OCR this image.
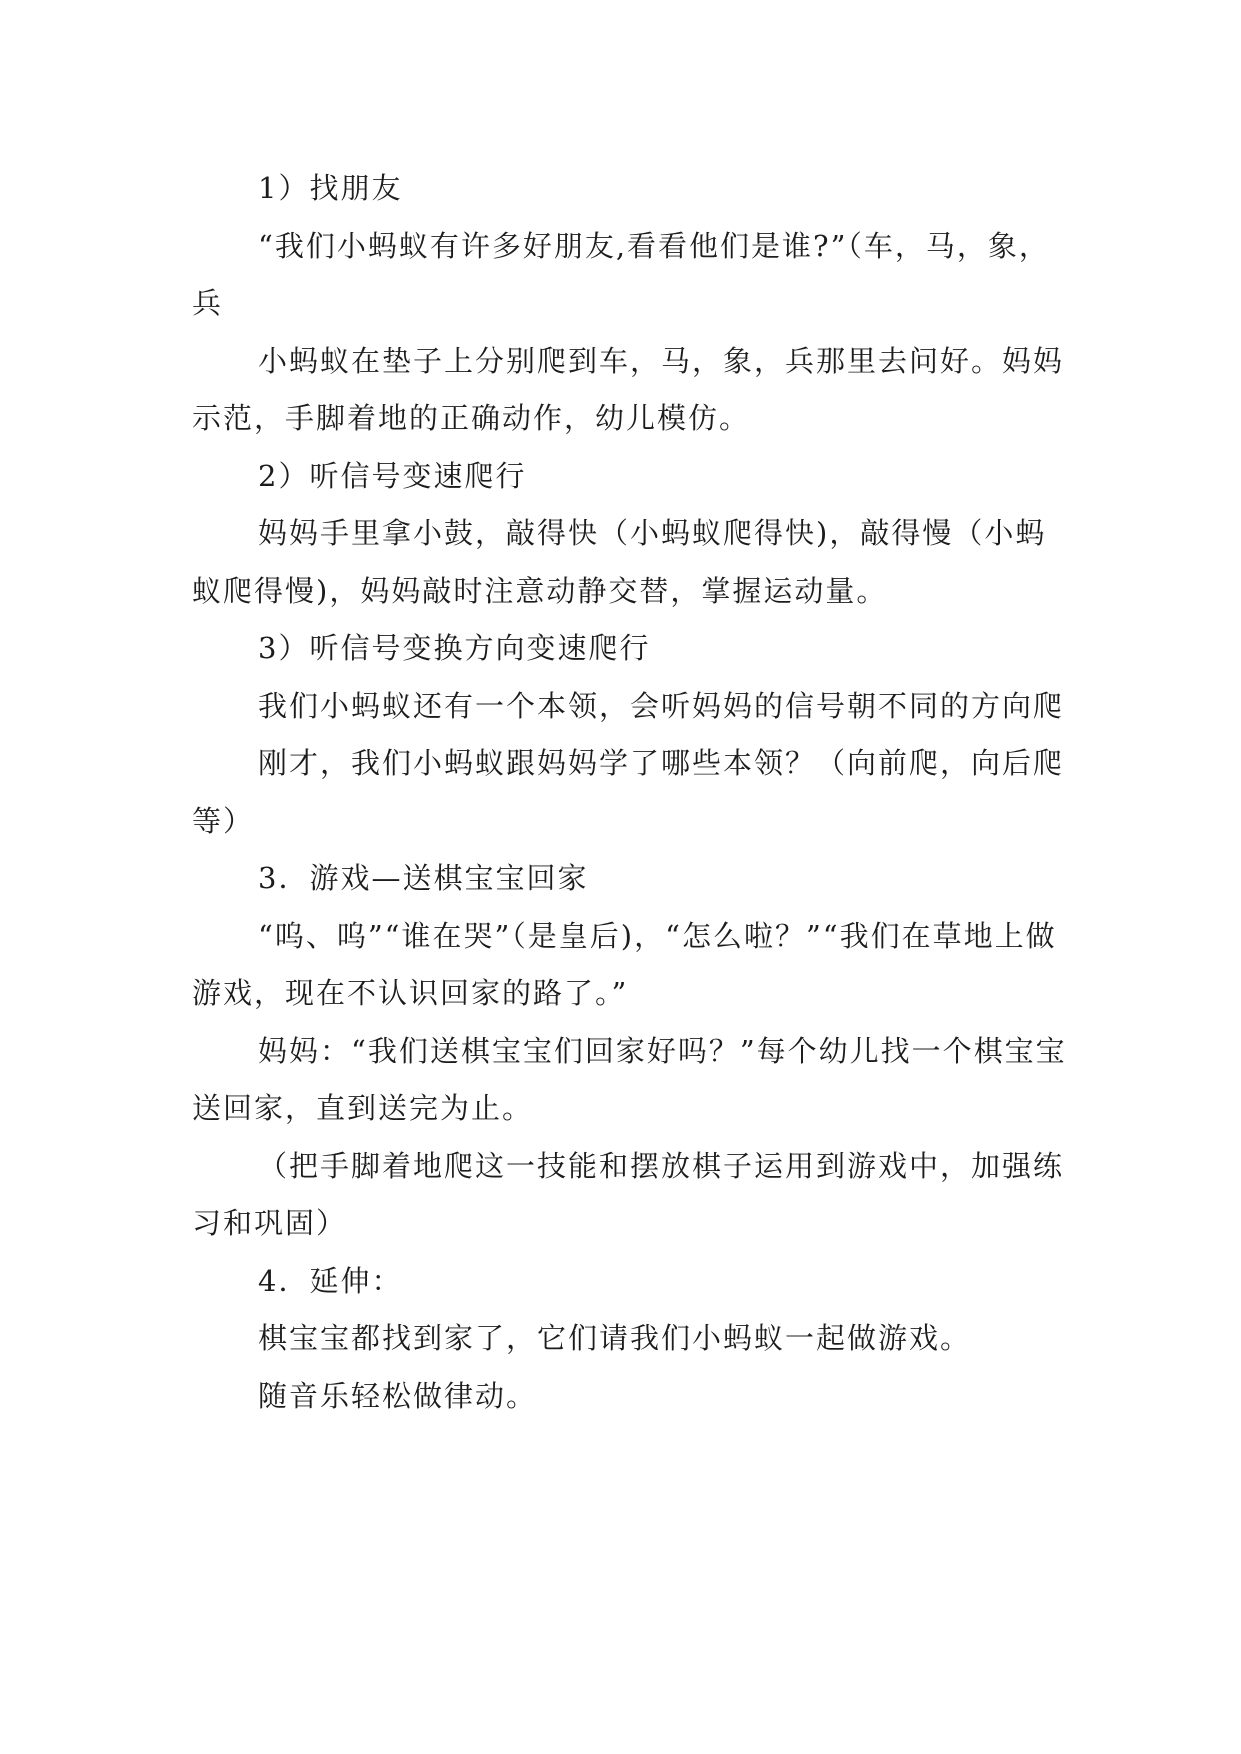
1）找朋友

“我们小蚂蚁有许多好朋友,看看他们是谁?”（车，马，象，兵

小蚂蚁在垫子上分别爬到车，马，象，兵那里去问好。妈妈示范，手脚着地的正确动作，幼儿模仿。

2）听信号变速爬行

妈妈手里拿小鼓，敲得快（小蚂蚁爬得快)，敲得慢（小蚂蚁爬得慢)，妈妈敲时注意动静交替，掌握运动量。

3）听信号变换方向变速爬行

我们小蚂蚁还有一个本领，会听妈妈的信号朝不同的方向爬

刚才，我们小蚂蚁跟妈妈学了哪些本领？（向前爬，向后爬等）

3．游戏—送棋宝宝回家

“呜、呜”“谁在哭”（是皇后)，“怎么啦？”“我们在草地上做游戏，现在不认识回家的路了。”

妈妈：“我们送棋宝宝们回家好吗？”每个幼儿找一个棋宝宝送回家，直到送完为止。

（把手脚着地爬这一技能和摆放棋子运用到游戏中，加强练习和巩固）

4．延伸：

棋宝宝都找到家了，它们请我们小蚂蚁一起做游戏。

随音乐轻松做律动。
